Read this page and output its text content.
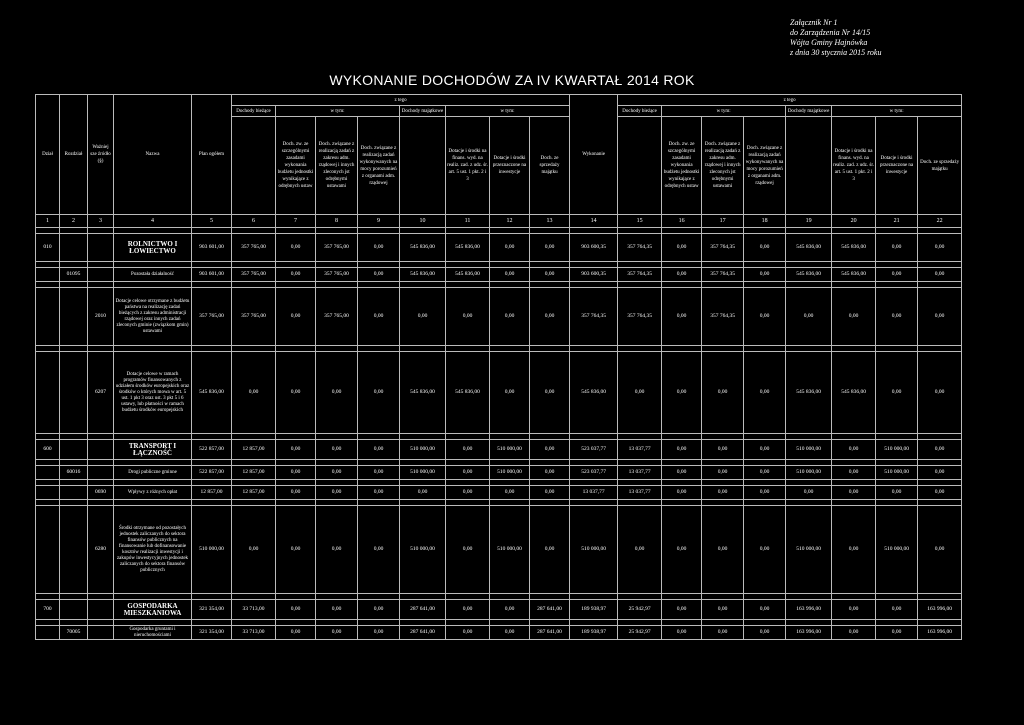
Załącznik Nr 1
do Zarządzenia Nr 14/15
Wójta Gminy Hajnówka
z dnia 30 stycznia 2015 roku
WYKONANIE DOCHODÓW ZA IV KWARTAŁ 2014 ROK
Dział	Rozdział	Ważniej sze źródło (§)	Nazwa	Plan ogółem	z tego								Wykonanie	z tego							
					Dochody bieżące	w tym:			Dochody majątkowe	w tym:				Dochody bieżące	w tym:			Dochody majątkowe	w tym:		
						Doch. zw. ze szczególnymi zasadami wykonania budżetu jednostki wynikające z odrębnych ustaw	Doch. związane z realizacją zadań z zakresu adm. rządowej i innych zleconych jst odrębnymi ustawami	Doch. związane z realizacją zadań wykonywanych na mocy porozumień z organami adm. rządowej		Dotacje i środki na finans. wyd. na realiz. zad. z udz. śr. art. 5 ust. 1 pkt. 2 i 3	Dotacje i środki przeznaczone na inwestycje	Doch. ze sprzedaży majątku			Doch. zw. ze szczególnymi zasadami wykonania budżetu jednostki wynikające z odrębnych ustaw	Doch. związane z realizacją zadań z zakresu adm. rządowej i innych zleconych jst odrębnymi ustawami	Doch. związane z realizacją zadań wykonywanych na mocy porozumień z organami adm. rządowej		Dotacje i środki na finans. wyd. na realiz. zad. z udz. śr. art. 5 ust. 1 pkt. 2 i 3	Dotacje i środki przeznaczone na inwestycje	Doch. ze sprzedaży majątku

1	2	3	4	5	6	7	8	9	10	11	12	13	14	15	16	17	18	19	20	21	22

010			ROLNICTWO I ŁOWIECTWO	903 601,00	357 765,00	0,00	357 765,00	0,00	545 836,00	545 836,00	0,00	0,00	903 600,35	357 764,35	0,00	357 764,35	0,00	545 836,00	545 836,00	0,00	0,00

	01095		Pozostała działalność	903 601,00	357 765,00	0,00	357 765,00	0,00	545 836,00	545 836,00	0,00	0,00	903 600,35	357 764,35	0,00	357 764,35	0,00	545 836,00	545 836,00	0,00	0,00

		2010	Dotacje celowe otrzymane z budżetu państwa na realizację zadań bieżących z zakresu administracji rządowej oraz innych zadań zleconych gminie (związkom gmin) ustawami	357 765,00	357 765,00	0,00	357 765,00	0,00	0,00	0,00	0,00	0,00	357 764,35	357 764,35	0,00	357 764,35	0,00	0,00	0,00	0,00	0,00

		6207	Dotacje celowe w ramach programów finansowanych z udziałem środków europejskich oraz środków o których mowa w art. 5 ust. 1 pkt 3 oraz ust. 3 pkt 5 i 6 ustawy, lub płatności w ramach budżetu środków europejskich	545 836,00	0,00	0,00	0,00	0,00	545 836,00	545 836,00	0,00	0,00	545 836,00	0,00	0,00	0,00	0,00	545 836,00	545 836,00	0,00	0,00

600			TRANSPORT I ŁĄCZNOŚĆ	522 857,00	12 857,00	0,00	0,00	0,00	510 000,00	0,00	510 000,00	0,00	523 037,77	13 037,77	0,00	0,00	0,00	510 000,00	0,00	510 000,00	0,00

	60016		Drogi publiczne gminne	522 857,00	12 857,00	0,00	0,00	0,00	510 000,00	0,00	510 000,00	0,00	523 037,77	13 037,77	0,00	0,00	0,00	510 000,00	0,00	510 000,00	0,00

		0690	Wpływy z różnych opłat	12 857,00	12 857,00	0,00	0,00	0,00	0,00	0,00	0,00	0,00	13 037,77	13 037,77	0,00	0,00	0,00	0,00	0,00	0,00	0,00

		6280	Środki otrzymane od pozostałych jednostek zaliczanych do sektora finansów publicznych na finansowanie lub dofinansowanie kosztów realizacji inwestycji i zakupów inwestycyjnych jednostek zaliczanych do sektora finansów publicznych	510 000,00	0,00	0,00	0,00	0,00	510 000,00	0,00	510 000,00	0,00	510 000,00	0,00	0,00	0,00	0,00	510 000,00	0,00	510 000,00	0,00

700			GOSPODARKA MIESZKANIOWA	321 354,00	33 713,00	0,00	0,00	0,00	287 641,00	0,00	0,00	287 641,00	189 938,97	25 942,97	0,00	0,00	0,00	163 996,00	0,00	0,00	163 996,00

	70005		Gospodarka gruntami i nieruchomościami	321 354,00	33 713,00	0,00	0,00	0,00	287 641,00	0,00	0,00	287 641,00	189 938,97	25 942,97	0,00	0,00	0,00	163 996,00	0,00	0,00	163 996,00
